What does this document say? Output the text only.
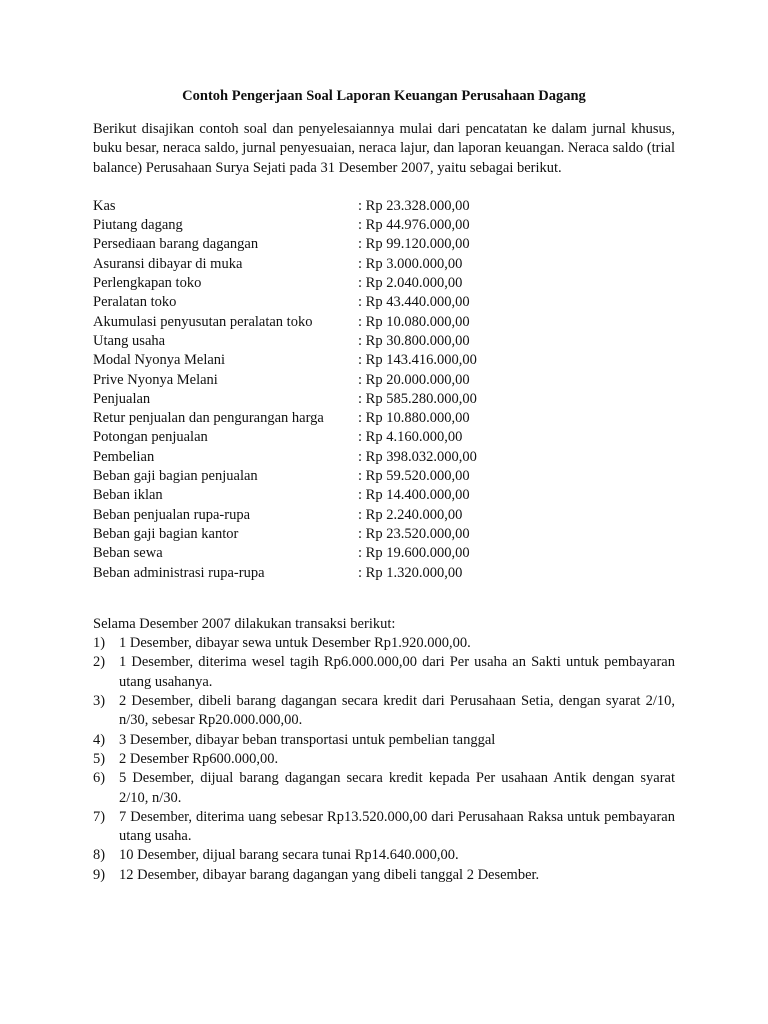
Contoh Pengerjaan Soal Laporan Keuangan Perusahaan Dagang

Berikut disajikan contoh soal dan penyelesaiannya mulai dari pencatatan ke dalam jurnal khusus, buku besar, neraca saldo, jurnal penyesuaian, neraca lajur, dan laporan keuangan. Neraca saldo (trial balance) Perusahaan Surya Sejati pada 31 Desember 2007, yaitu sebagai berikut.

Kas	: Rp 23.328.000,00
Piutang dagang	: Rp 44.976.000,00
Persediaan barang dagangan	: Rp 99.120.000,00
Asuransi dibayar di muka	: Rp 3.000.000,00
Perlengkapan toko	: Rp 2.040.000,00
Peralatan toko	: Rp 43.440.000,00
Akumulasi penyusutan peralatan toko	: Rp 10.080.000,00
Utang usaha	: Rp 30.800.000,00
Modal Nyonya Melani	: Rp 143.416.000,00
Prive Nyonya Melani	: Rp 20.000.000,00
Penjualan	: Rp 585.280.000,00
Retur penjualan dan pengurangan harga	: Rp 10.880.000,00
Potongan penjualan	: Rp 4.160.000,00
Pembelian	: Rp 398.032.000,00
Beban gaji bagian penjualan	: Rp 59.520.000,00
Beban iklan	: Rp 14.400.000,00
Beban penjualan rupa-rupa	: Rp 2.240.000,00
Beban gaji bagian kantor	: Rp 23.520.000,00
Beban sewa	: Rp 19.600.000,00
Beban administrasi rupa-rupa	: Rp 1.320.000,00

Selama Desember 2007 dilakukan transaksi berikut:

1) 1 Desember, dibayar sewa untuk Desember Rp1.920.000,00.
2) 1 Desember, diterima wesel tagih Rp6.000.000,00 dari Per usaha an Sakti untuk pembayaran utang usahanya.
3) 2 Desember, dibeli barang dagangan secara kredit dari Perusahaan Setia, dengan syarat 2/10, n/30, sebesar Rp20.000.000,00.
4) 3 Desember, dibayar beban transportasi untuk pembelian tanggal
5) 2 Desember Rp600.000,00.
6) 5 Desember, dijual barang dagangan secara kredit kepada Per usahaan Antik dengan syarat 2/10, n/30.
7) 7 Desember, diterima uang sebesar Rp13.520.000,00 dari Perusahaan Raksa untuk pembayaran utang usaha.
8) 10 Desember, dijual barang secara tunai Rp14.640.000,00.
9) 12 Desember, dibayar barang dagangan yang dibeli tanggal 2 Desember.
